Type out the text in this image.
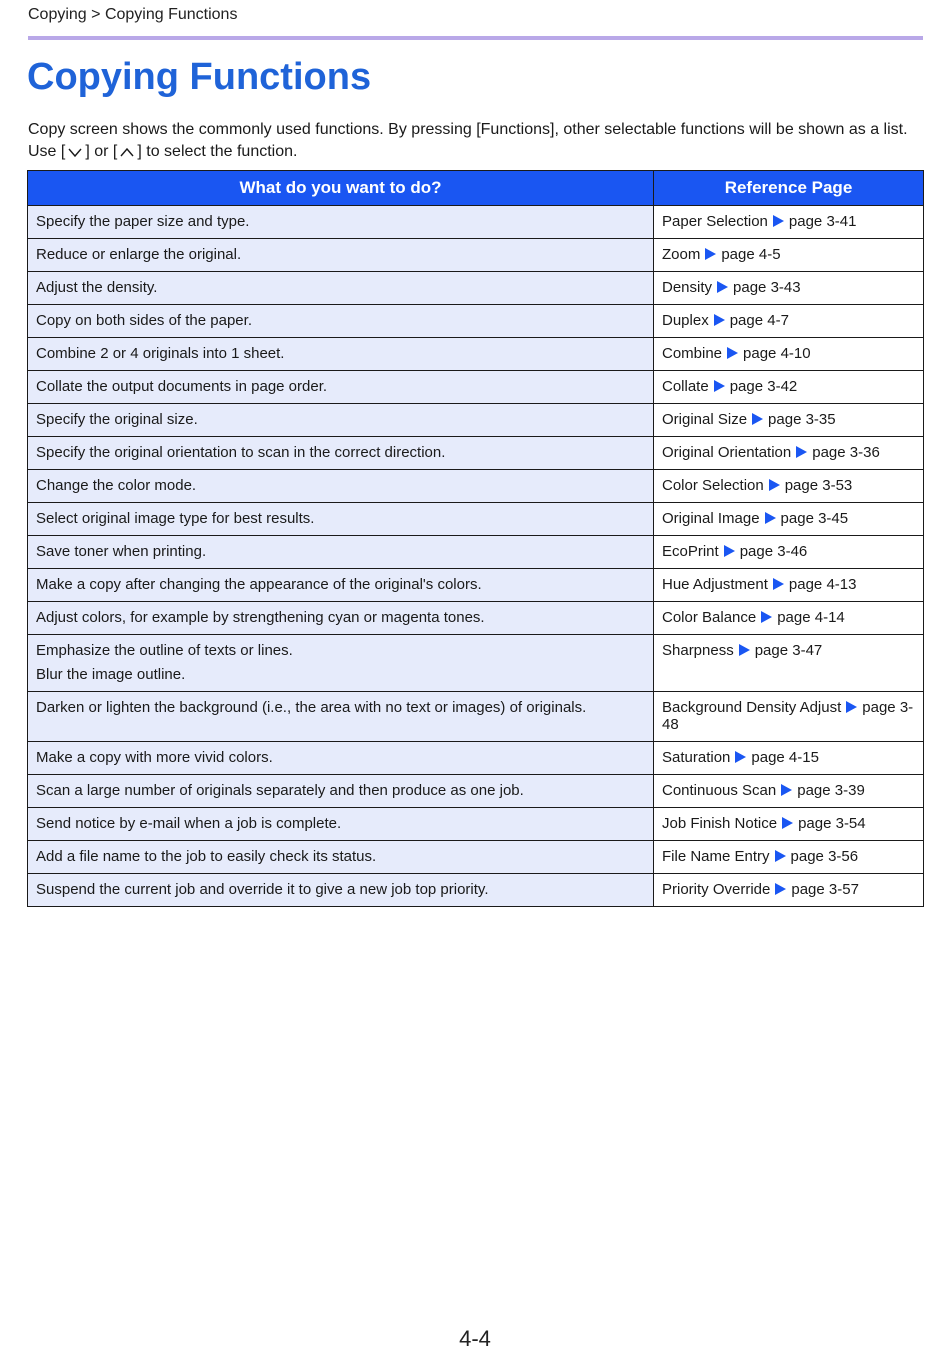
Copying > Copying Functions
Copying Functions
Copy screen shows the commonly used functions. By pressing [Functions], other selectable functions will be shown as a list. Use [ ] or [ ] to select the function.
What do you want to do?	Reference Page
Specify the paper size and type.	Paper Selection page 3-41
Reduce or enlarge the original.	Zoom page 4-5
Adjust the density.	Density page 3-43
Copy on both sides of the paper.	Duplex page 4-7
Combine 2 or 4 originals into 1 sheet.	Combine page 4-10
Collate the output documents in page order.	Collate page 3-42
Specify the original size.	Original Size page 3-35
Specify the original orientation to scan in the correct direction.	Original Orientation page 3-36
Change the color mode.	Color Selection page 3-53
Select original image type for best results.	Original Image page 3-45
Save toner when printing.	EcoPrint page 3-46
Make a copy after changing the appearance of the original's colors.	Hue Adjustment page 4-13
Adjust colors, for example by strengthening cyan or magenta tones.	Color Balance page 4-14
Emphasize the outline of texts or lines.
Blur the image outline.	Sharpness page 3-47
Darken or lighten the background (i.e., the area with no text or images) of originals.	Background Density Adjust page 3-48
Make a copy with more vivid colors.	Saturation page 4-15
Scan a large number of originals separately and then produce as one job.	Continuous Scan page 3-39
Send notice by e-mail when a job is complete.	Job Finish Notice page 3-54
Add a file name to the job to easily check its status.	File Name Entry page 3-56
Suspend the current job and override it to give a new job top priority.	Priority Override page 3-57
4-4
